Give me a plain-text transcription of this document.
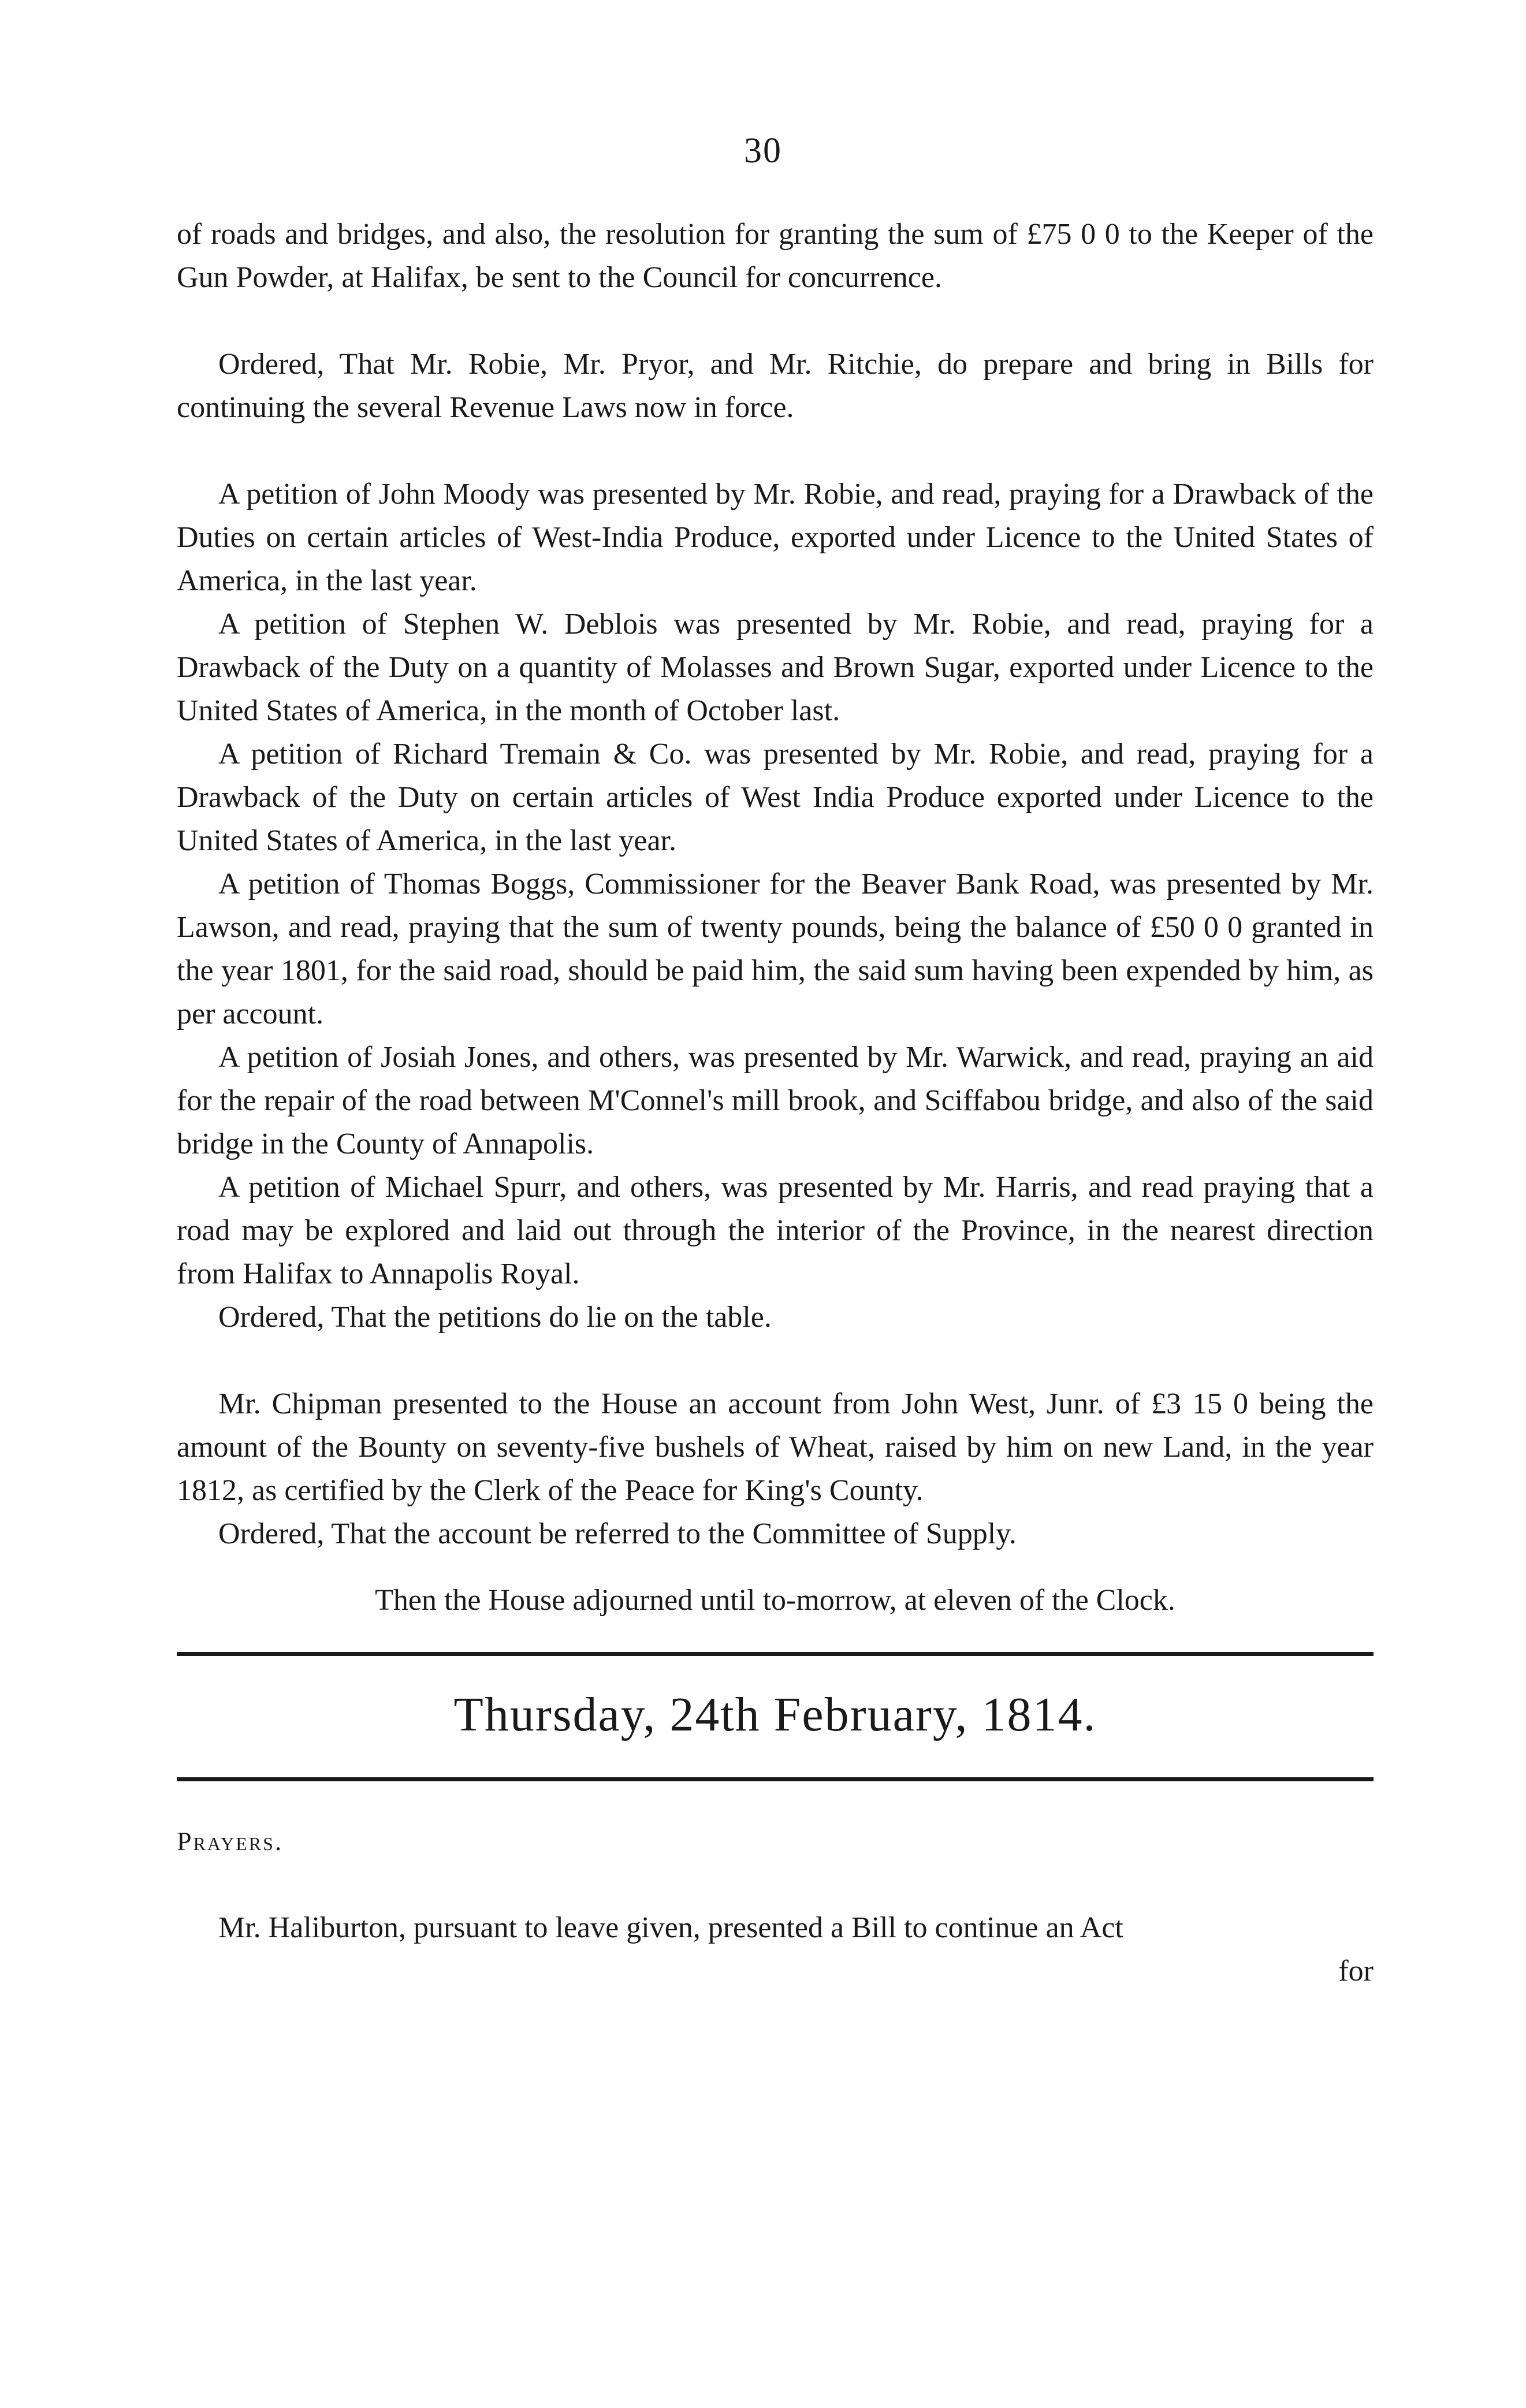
30

of roads and bridges, and also, the resolution for granting the sum of £75 0 0 to the Keeper of the Gun Powder, at Halifax, be sent to the Council for concurrence.

Ordered, That Mr. Robie, Mr. Pryor, and Mr. Ritchie, do prepare and bring in Bills for continuing the several Revenue Laws now in force.

A petition of John Moody was presented by Mr. Robie, and read, praying for a Drawback of the Duties on certain articles of West-India Produce, exported under Licence to the United States of America, in the last year.

A petition of Stephen W. Deblois was presented by Mr. Robie, and read, praying for a Drawback of the Duty on a quantity of Molasses and Brown Sugar, exported under Licence to the United States of America, in the month of October last.

A petition of Richard Tremain & Co. was presented by Mr. Robie, and read, praying for a Drawback of the Duty on certain articles of West India Produce exported under Licence to the United States of America, in the last year.

A petition of Thomas Boggs, Commissioner for the Beaver Bank Road, was presented by Mr. Lawson, and read, praying that the sum of twenty pounds, being the balance of £50 0 0 granted in the year 1801, for the said road, should be paid him, the said sum having been expended by him, as per account.

A petition of Josiah Jones, and others, was presented by Mr. Warwick, and read, praying an aid for the repair of the road between M'Connel's mill brook, and Sciffabou bridge, and also of the said bridge in the County of Annapolis.

A petition of Michael Spurr, and others, was presented by Mr. Harris, and read praying that a road may be explored and laid out through the interior of the Province, in the nearest direction from Halifax to Annapolis Royal.

Ordered, That the petitions do lie on the table.

Mr. Chipman presented to the House an account from John West, Junr. of £3 15 0 being the amount of the Bounty on seventy-five bushels of Wheat, raised by him on new Land, in the year 1812, as certified by the Clerk of the Peace for King's County.

Ordered, That the account be referred to the Committee of Supply.

Then the House adjourned until to-morrow, at eleven of the Clock.

Thursday, 24th February, 1814.

Prayers.

Mr. Haliburton, pursuant to leave given, presented a Bill to continue an Act

for
